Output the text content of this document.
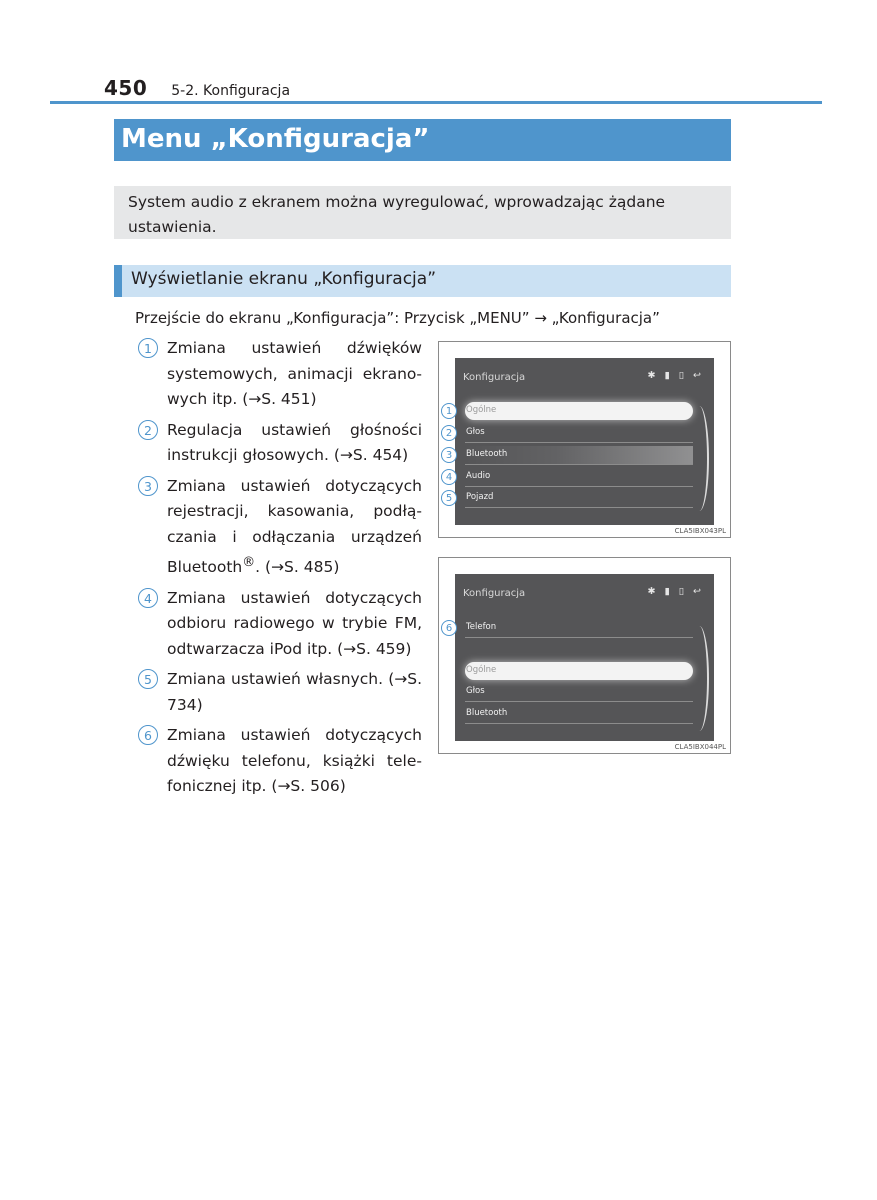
450 5-2. Konfiguracja
Menu „Konfiguracja”
System audio z ekranem można wyregulować, wprowadzając żądane ustawienia.
Wyświetlanie ekranu „Konfiguracja”
Przejście do ekranu „Konfiguracja”: Przycisk „MENU” → „Konfiguracja”
1 Zmiana ustawień dźwięków systemowych, animacji ekranowych itp. (→S. 451)
2 Regulacja ustawień głośności instrukcji głosowych. (→S. 454)
3 Zmiana ustawień dotyczących rejestracji, kasowania, podłączania i odłączania urządzeń Bluetooth®. (→S. 485)
4 Zmiana ustawień dotyczących odbioru radiowego w trybie FM, odtwarzacza iPod itp. (→S. 459)
5 Zmiana ustawień własnych. (→S. 734)
6 Zmiana ustawień dotyczących dźwięku telefonu, książki telefonicznej itp. (→S. 506)
Konfiguracja	✱ ▮ ▯ ↩
Ogólne
Głos
Bluetooth
Audio
Pojazd
1
2
3
4
5
CLA5IBX043PL
Konfiguracja	✱ ▮ ▯ ↩
Telefon
Ogólne
Głos
Bluetooth
6
CLA5IBX044PL
